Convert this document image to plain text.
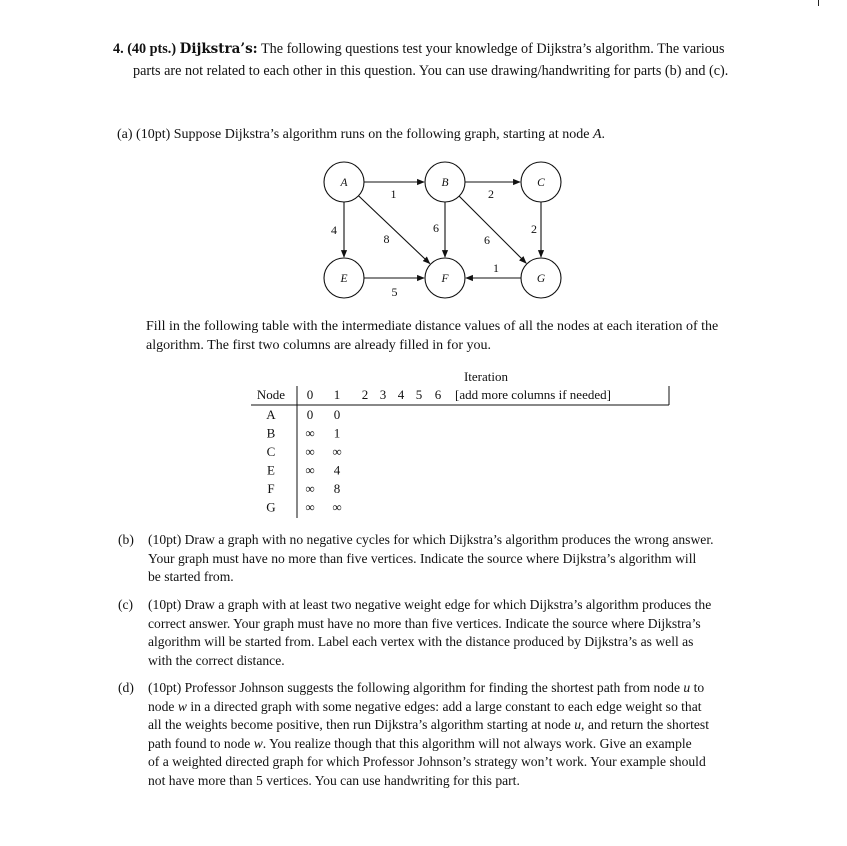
4. (40 pts.) Dijkstra’s: The following questions test your knowledge of Dijkstra’s algorithm. The various
parts are not related to each other in this question. You can use drawing/handwriting for parts (b) and (c).
(a) (10pt) Suppose Dijkstra’s algorithm runs on the following graph, starting at node A.
1	2
4
8
6
6
2
5
1
A	B	C
E	F	G
Fill in the following table with the intermediate distance values of all the nodes at each iteration of the
algorithm. The first two columns are already filled in for you.
Iteration
Node 0 1 2 3 4 5 6 [add more columns if needed]
A 0 0
B ∞ 1
C ∞ ∞
E ∞ 4
F ∞ 8
G ∞ ∞
(b) (10pt) Draw a graph with no negative cycles for which Dijkstra’s algorithm produces the wrong answer.
Your graph must have no more than five vertices. Indicate the source where Dijkstra’s algorithm will
be started from.
(c) (10pt) Draw a graph with at least two negative weight edge for which Dijkstra’s algorithm produces the
correct answer. Your graph must have no more than five vertices. Indicate the source where Dijkstra’s
algorithm will be started from. Label each vertex with the distance produced by Dijkstra’s as well as
with the correct distance.
(d) (10pt) Professor Johnson suggests the following algorithm for finding the shortest path from node u to
node w in a directed graph with some negative edges: add a large constant to each edge weight so that
all the weights become positive, then run Dijkstra’s algorithm starting at node u, and return the shortest
path found to node w. You realize though that this algorithm will not always work. Give an example
of a weighted directed graph for which Professor Johnson’s strategy won’t work. Your example should
not have more than 5 vertices. You can use handwriting for this part.
